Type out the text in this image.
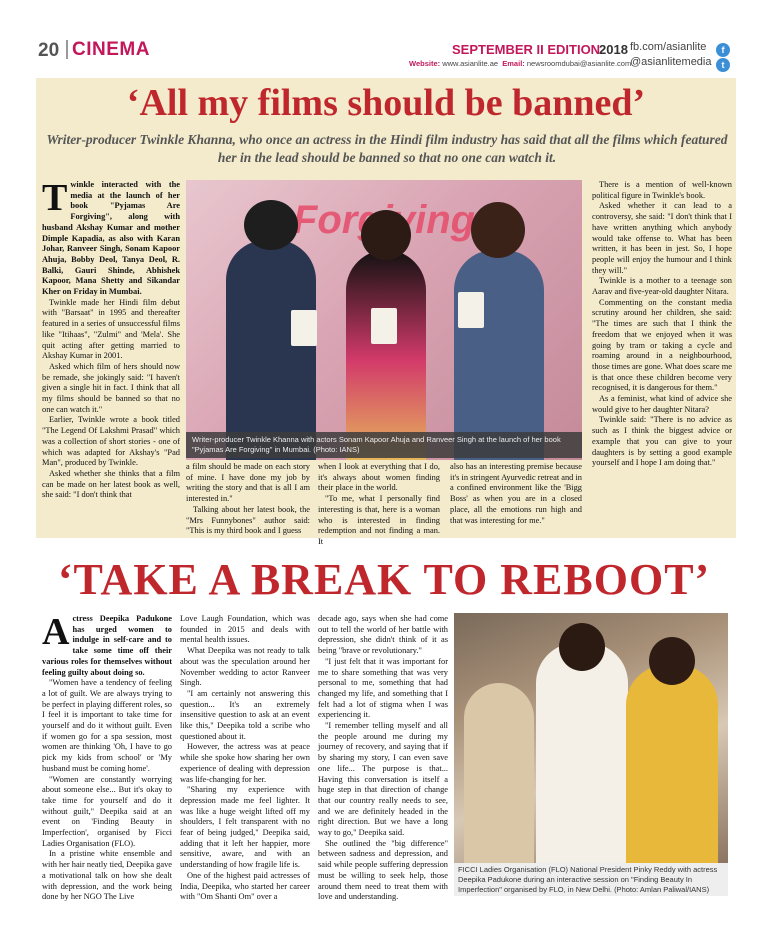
20 CINEMA	SEPTEMBER II EDITION
2018
Website: www.asianlite.ae Email: newsroomdubai@asianlite.com
fb.com/asianlite	f
@asianlitemedia	t
‘All my films should be banned’
Writer-producer Twinkle Khanna, who once an actress in the Hindi film industry has said that all the films which featured her in the lead should be banned so that no one can watch it.
Writer-producer Twinkle Khanna with actors Sonam Kapoor Ahuja and Ranveer Singh at the launch of her book "Pyjamas Are Forgiving" in Mumbai. (Photo: IANS)

Twinkle interacted with the media at the launch of her book "Pyjamas Are Forgiving", along with husband Akshay Kumar and mother Dimple Kapadia, as also with Karan Johar, Ranveer Singh, Sonam Kapoor Ahuja, Bobby Deol, Tanya Deol, R. Balki, Gauri Shinde, Abhishek Kapoor, Mana Shetty and Sikandar Kher on Friday in Mumbai.

Twinkle made her Hindi film debut with "Barsaat" in 1995 and thereafter featured in a series of unsuccessful films like "Itihaas", "Zulmi" and 'Mela'. She quit acting after getting married to Akshay Kumar in 2001.

Asked which film of hers should now be remade, she jokingly said: "I haven't given a single hit in fact. I think that all my films should be banned so that no one can watch it."

Earlier, Twinkle wrote a book titled "The Legend Of Lakshmi Prasad" which was a collection of short stories - one of which was adapted for Akshay's "Pad Man", produced by Twinkle.

Asked whether she thinks that a film can be made on her latest book as well, she said: "I don't think that

a film should be made on each story of mine. I have done my job by writing the story and that is all I am interested in."

Talking about her latest book, the "Mrs Funnybones" author said: "This is my third book and I guess

when I look at everything that I do, it's always about women finding their place in the world.

"To me, what I personally find interesting is that, here is a woman who is interested in finding redemption and not finding a man. It

also has an interesting premise because it's in stringent Ayurvedic retreat and in a confined environment like the 'Bigg Boss' as when you are in a closed place, all the emotions run high and that was interesting for me."

There is a mention of well-known political figure in Twinkle's book.

Asked whether it can lead to a controversy, she said: "I don't think that I have written anything which anybody would take offense to. What has been written, it has been in jest. So, I hope people will enjoy the humour and I think they will."

Twinkle is a mother to a teenage son Aarav and five-year-old daughter Nitara.

Commenting on the constant media scrutiny around her children, she said: "The times are such that I think the freedom that we enjoyed when it was going by tram or taking a cycle and roaming around in a neighbourhood, those times are gone. What does scare me is that once these children become very recognised, it is dangerous for them."

As a feminist, what kind of advice she would give to her daughter Nitara?

Twinkle said: "There is no advice as such as I think the biggest advice or example that you can give to your daughters is by setting a good example yourself and I hope I am doing that."

‘TAKE A BREAK TO REBOOT’

Actress Deepika Padukone has urged women to indulge in self-care and to take some time off their various roles for themselves without feeling guilty about doing so.

"Women have a tendency of feeling a lot of guilt. We are always trying to be perfect in playing different roles, so I feel it is important to take time for yourself and do it without guilt. Even if women go for a spa session, most women are thinking 'Oh, I have to go pick my kids from school' or 'My husband must be coming home'.

"Women are constantly worrying about someone else... But it's okay to take time for yourself and do it without guilt," Deepika said at an event on 'Finding Beauty in Imperfection', organised by Ficci Ladies Organisation (FLO).

In a pristine white ensemble and with her hair neatly tied, Deepika gave a motivational talk on how she dealt with depression, and the work being done by her NGO The Live

Love Laugh Foundation, which was founded in 2015 and deals with mental health issues.

What Deepika was not ready to talk about was the speculation around her November wedding to actor Ranveer Singh.

"I am certainly not answering this question... It's an extremely insensitive question to ask at an event like this," Deepika told a scribe who questioned about it.

However, the actress was at peace while she spoke how sharing her own experience of dealing with depression was life-changing for her.

"Sharing my experience with depression made me feel lighter. It was like a huge weight lifted off my shoulders, I felt transparent with no fear of being judged," Deepika said, adding that it left her happier, more sensitive, aware, and with an understanding of how fragile life is.

One of the highest paid actresses of India, Deepika, who started her career with "Om Shanti Om" over a

decade ago, says when she had come out to tell the world of her battle with depression, she didn't think of it as being "brave or revolutionary."

"I just felt that it was important for me to share something that was very personal to me, something that had changed my life, and something that I felt had a lot of stigma when I was experiencing it.

"I remember telling myself and all the people around me during my journey of recovery, and saying that if by sharing my story, I can even save one life... The purpose is that... Having this conversation is itself a huge step in that direction of change that our country really needs to see, and we are definitely headed in the right direction. But we have a long way to go," Deepika said.

She outlined the "big difference" between sadness and depression, and said while people suffering depression must be willing to seek help, those around them need to treat them with love and understanding.

FICCI Ladies Organisation (FLO) National President Pinky Reddy with actress Deepika Padukone during an interactive session on "Finding Beauty In Imperfection" organised by FLO, in New Delhi. (Photo: Amlan Paliwal/IANS)
